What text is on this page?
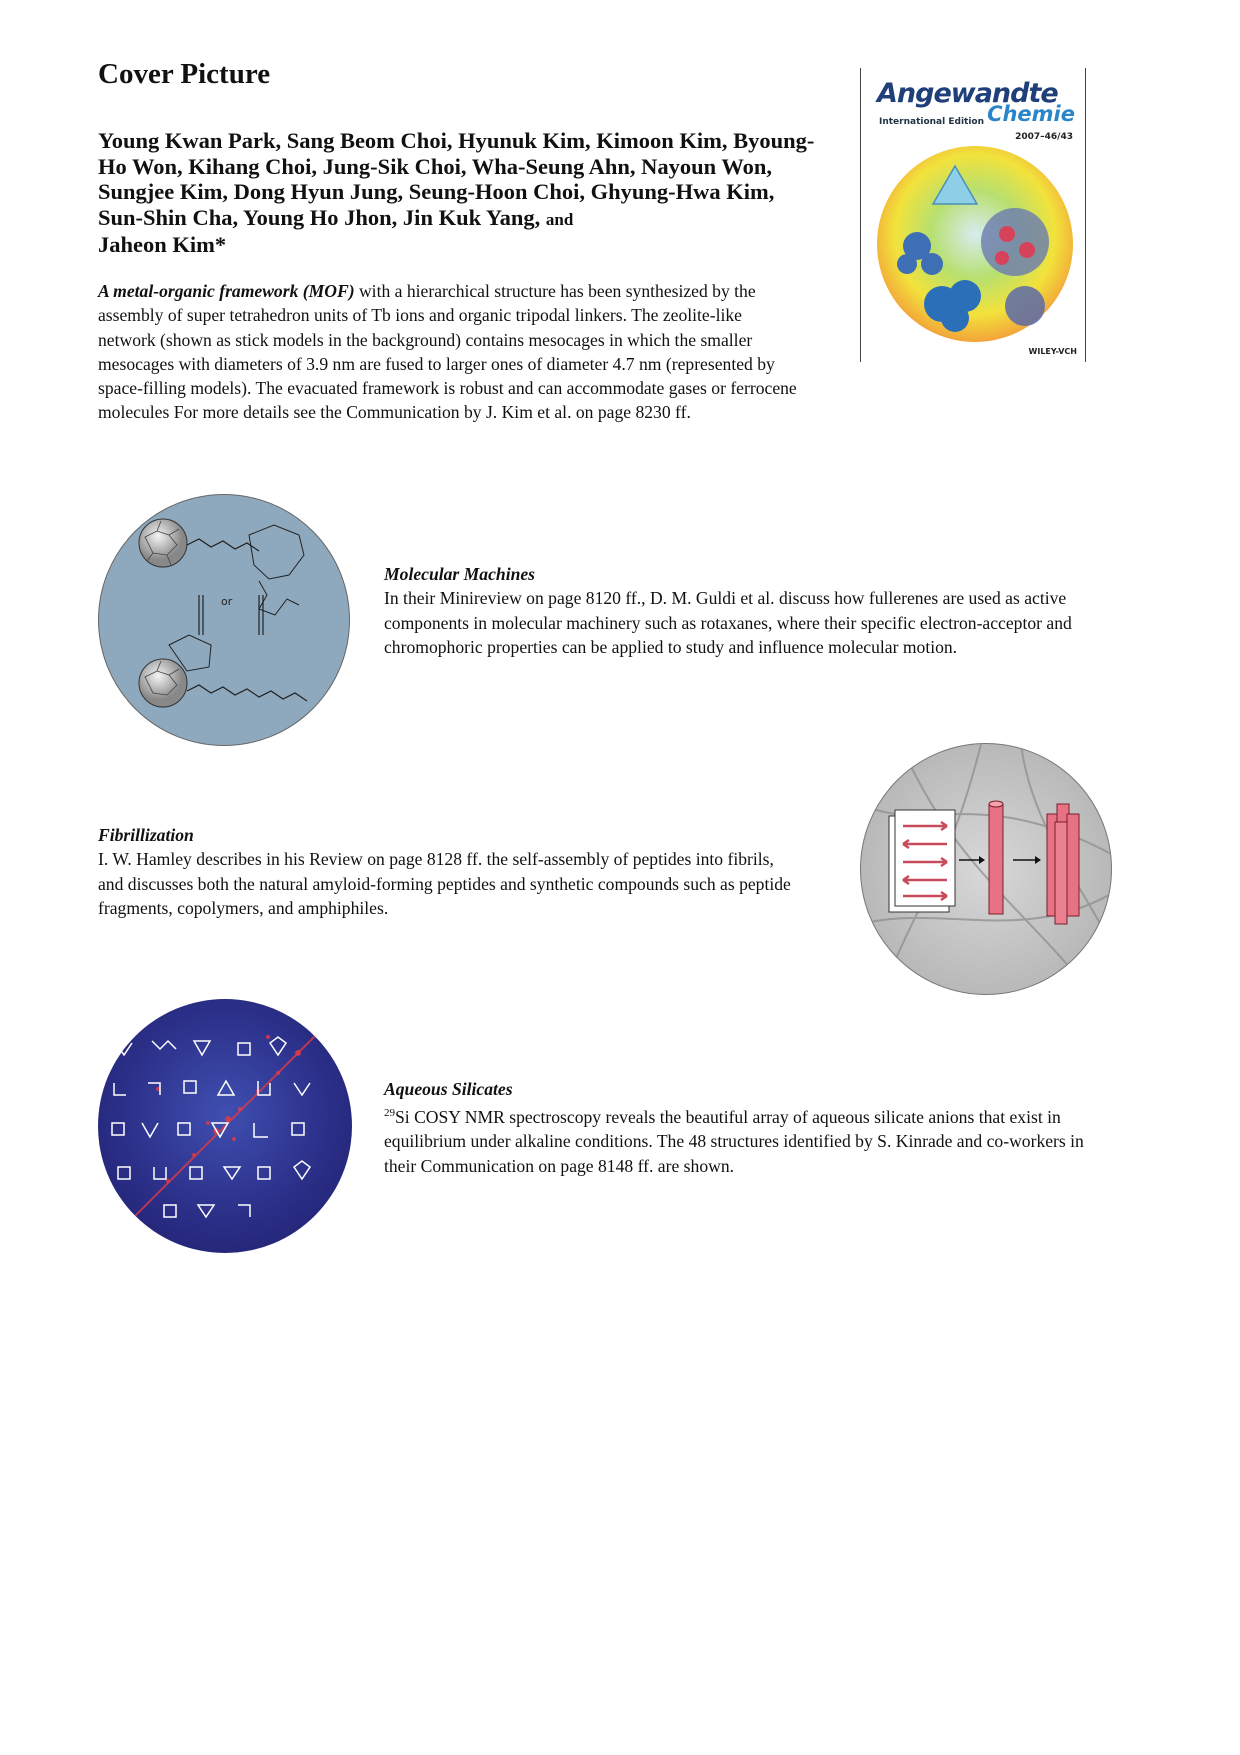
Cover Picture
Young Kwan Park, Sang Beom Choi, Hyunuk Kim, Kimoon Kim, Byoung-Ho Won, Kihang Choi, Jung-Sik Choi, Wha-Seung Ahn, Nayoun Won, Sungjee Kim, Dong Hyun Jung, Seung-Hoon Choi, Ghyung-Hwa Kim, Sun-Shin Cha, Young Ho Jhon, Jin Kuk Yang, and
Jaheon Kim*
A metal-organic framework (MOF) with a hierarchical structure has been synthesized by the assembly of super tetrahedron units of Tb ions and organic tripodal linkers. The zeolite-like network (shown as stick models in the background) contains mesocages in which the smaller mesocages with diameters of 3.9 nm are fused to larger ones of diameter 4.7 nm (represented by space-filling models). The evacuated framework is robust and can accommodate gases or ferrocene molecules For more details see the Communication by J. Kim et al. on page 8230 ff.
Angewandte
International Edition Chemie
2007–46/43
WILEY-VCH
or
Molecular Machines
In their Minireview on page 8120 ff., D. M. Guldi et al. discuss how fullerenes are used as active components in molecular machinery such as rotaxanes, where their specific electron-acceptor and chromophoric properties can be applied to study and influence molecular motion.
Fibrillization
I. W. Hamley describes in his Review on page 8128 ff. the self-assembly of peptides into fibrils, and discusses both the natural amyloid-forming peptides and synthetic compounds such as peptide fragments, copolymers, and amphiphiles.
Aqueous Silicates
$^{29}$Si COSY NMR spectroscopy reveals the beautiful array of aqueous silicate anions that exist in equilibrium under alkaline conditions. The 48 structures identified by S. Kinrade and co-workers in their Communication on page 8148 ff. are shown.
